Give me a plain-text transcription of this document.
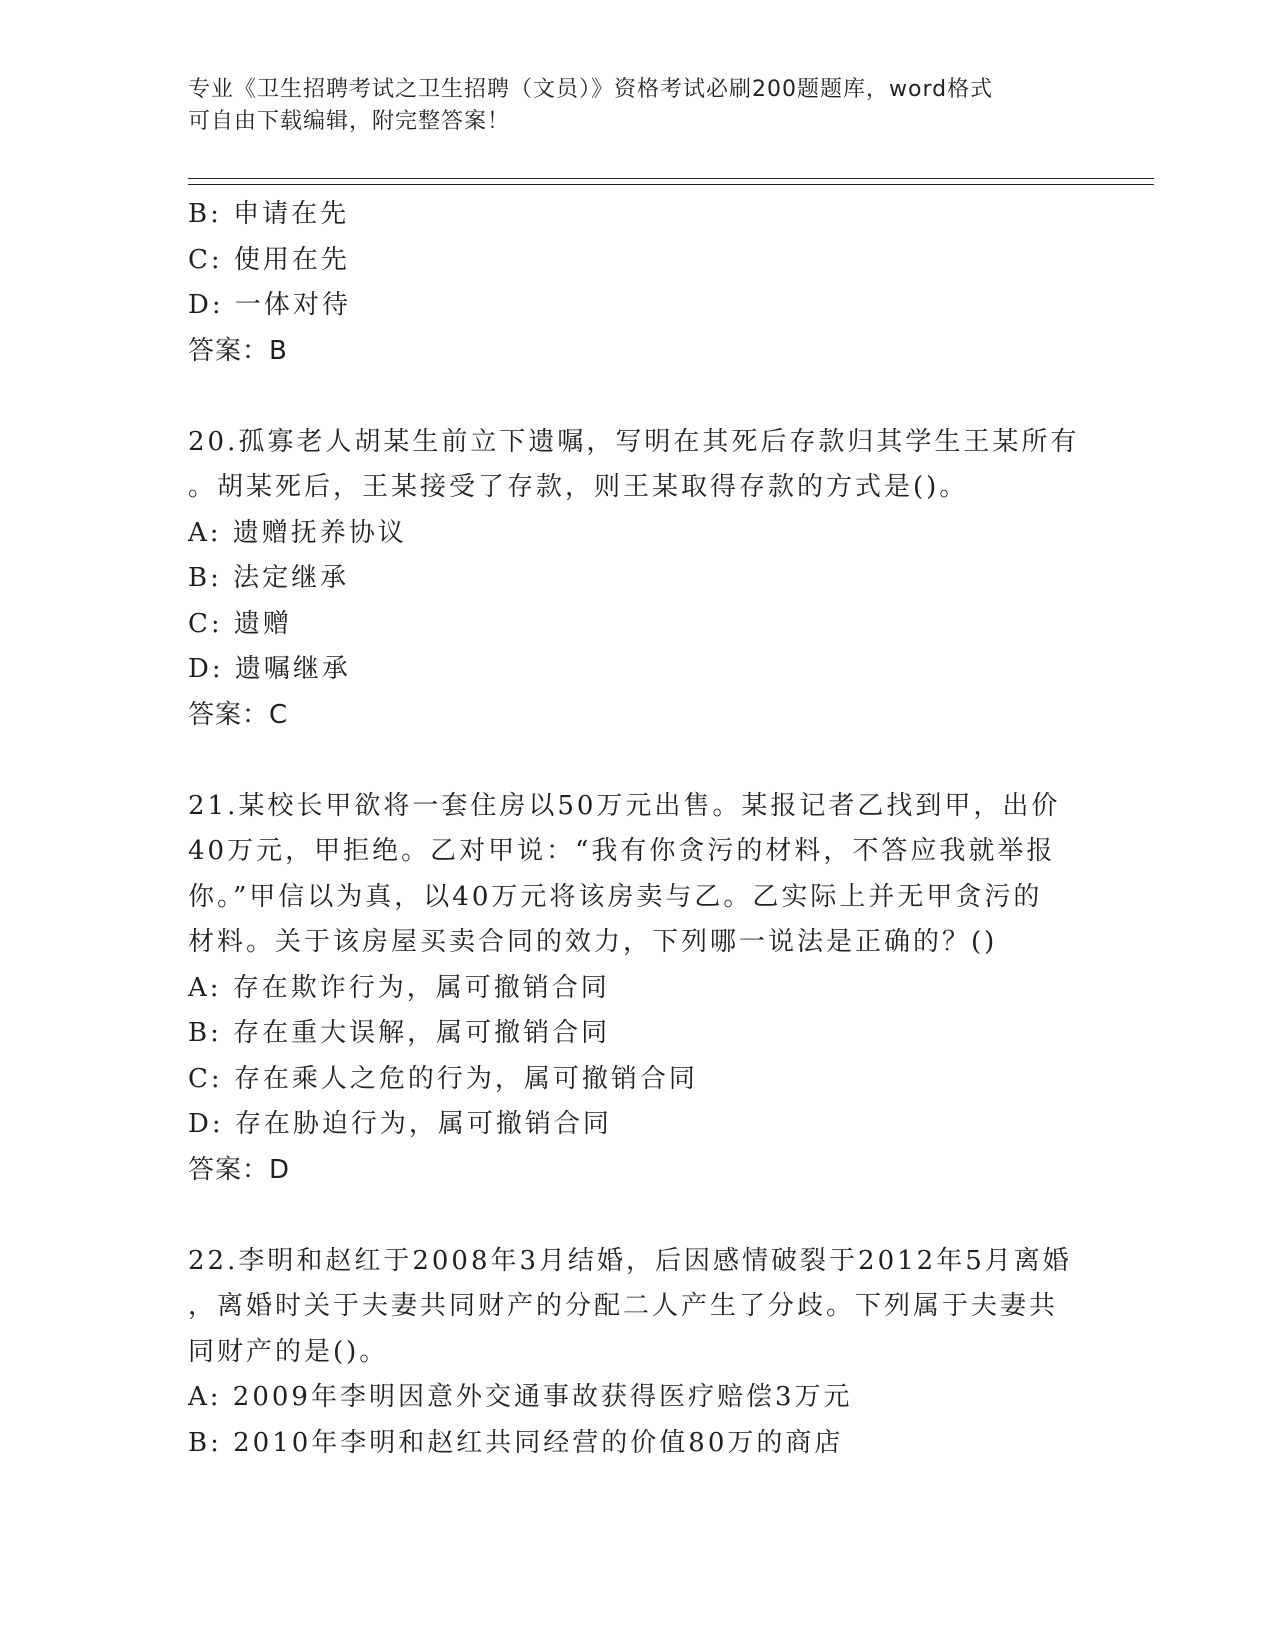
专业《卫生招聘考试之卫生招聘（文员）》资格考试必刷200题题库，word格式
可自由下载编辑，附完整答案！
B: 申请在先
C: 使用在先
D: 一体对待
答案：B
20.孤寡老人胡某生前立下遗嘱，写明在其死后存款归其学生王某所有
。胡某死后，王某接受了存款，则王某取得存款的方式是()。
A: 遗赠抚养协议
B: 法定继承
C: 遗赠
D: 遗嘱继承
答案：C
21.某校长甲欲将一套住房以50万元出售。某报记者乙找到甲，出价
40万元，甲拒绝。乙对甲说：“我有你贪污的材料，不答应我就举报
你。”甲信以为真，以40万元将该房卖与乙。乙实际上并无甲贪污的
材料。关于该房屋买卖合同的效力，下列哪一说法是正确的？()
A: 存在欺诈行为，属可撤销合同
B: 存在重大误解，属可撤销合同
C: 存在乘人之危的行为，属可撤销合同
D: 存在胁迫行为，属可撤销合同
答案：D
22.李明和赵红于2008年3月结婚，后因感情破裂于2012年5月离婚
，离婚时关于夫妻共同财产的分配二人产生了分歧。下列属于夫妻共
同财产的是()。
A: 2009年李明因意外交通事故获得医疗赔偿3万元
B: 2010年李明和赵红共同经营的价值80万的商店
